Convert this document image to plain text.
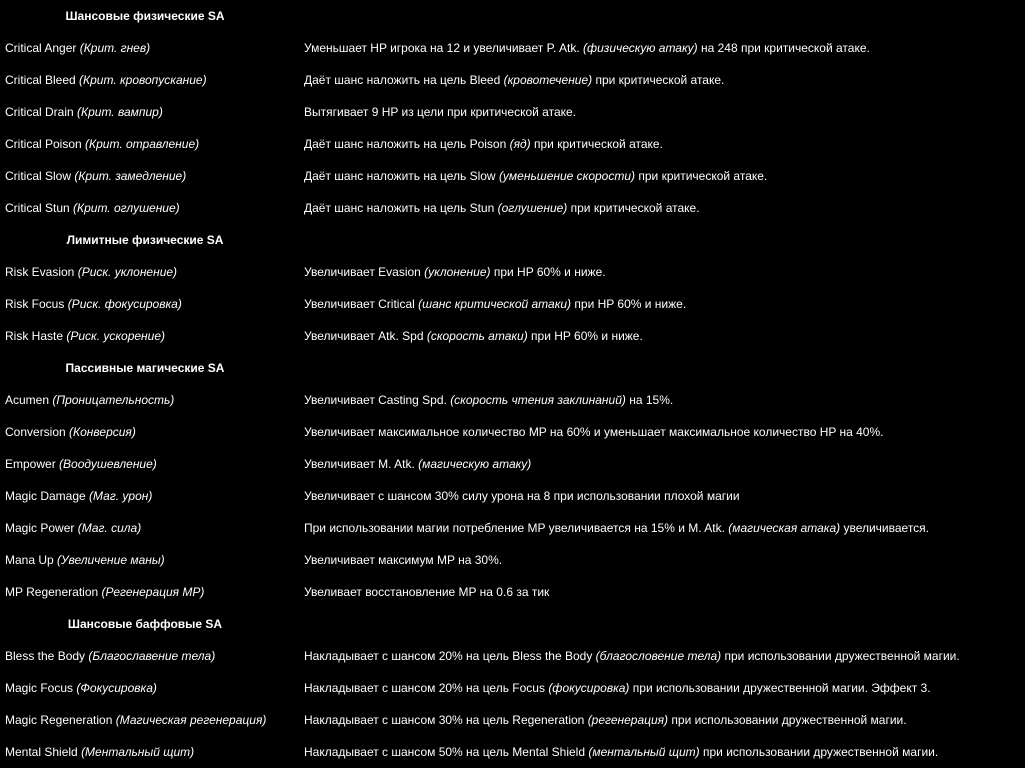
Шансовые физические SA
Critical Anger (Крит. гнев)	Уменьшает HP игрока на 12 и увеличивает P. Atk. (физическую атаку) на 248 при критической атаке.
Critical Bleed (Крит. кровопускание)	Даёт шанс наложить на цель Bleed (кровотечение) при критической атаке.
Critical Drain (Крит. вампир)	Вытягивает 9 HP из цели при критической атаке.
Critical Poison (Крит. отравление)	Даёт шанс наложить на цель Poison (яд) при критической атаке.
Critical Slow (Крит. замедление)	Даёт шанс наложить на цель Slow (уменьшение скорости) при критической атаке.
Critical Stun (Крит. оглушение)	Даёт шанс наложить на цель Stun (оглушение) при критической атаке.
Лимитные физические SA
Risk Evasion (Риск. уклонение)	Увеличивает Evasion (уклонение) при HP 60% и ниже.
Risk Focus (Риск. фокусировка)	Увеличивает Critical (шанс критической атаки) при HP 60% и ниже.
Risk Haste (Риск. ускорение)	Увеличивает Atk. Spd (скорость атаки) при HP 60% и ниже.
Пассивные магические SA
Acumen (Проницательность)	Увеличивает Casting Spd. (скорость чтения заклинаний) на 15%.
Conversion (Конверсия)	Увеличивает максимальное количество MP на 60% и уменьшает максимальное количество HP на 40%.
Empower (Воодушевление)	Увеличивает M. Atk. (магическую атаку)
Magic Damage (Маг. урон)	Увеличивает с шансом 30% силу урона на 8 при использовании плохой магии
Magic Power (Маг. сила)	При использовании магии потребление MP увеличивается на 15% и M. Atk. (магическая атака) увеличивается.
Mana Up (Увеличение маны)	Увеличивает максимум MP на 30%.
MP Regeneration (Регенерация MP)	Увеливает восстановление MP на 0.6 за тик
Шансовые баффовые SA
Bless the Body (Благославение тела)	Накладывает с шансом 20% на цель Bless the Body (благословение тела) при использовании дружественной магии.
Magic Focus (Фокусировка)	Накладывает с шансом 20% на цель Focus (фокусировка) при использовании дружественной магии. Эффект 3.
Magic Regeneration (Магическая регенерация)	Накладывает с шансом 30% на цель Regeneration (регенерация) при использовании дружественной магии.
Mental Shield (Ментальный щит)	Накладывает с шансом 50% на цель Mental Shield (ментальный щит) при использовании дружественной магии.
